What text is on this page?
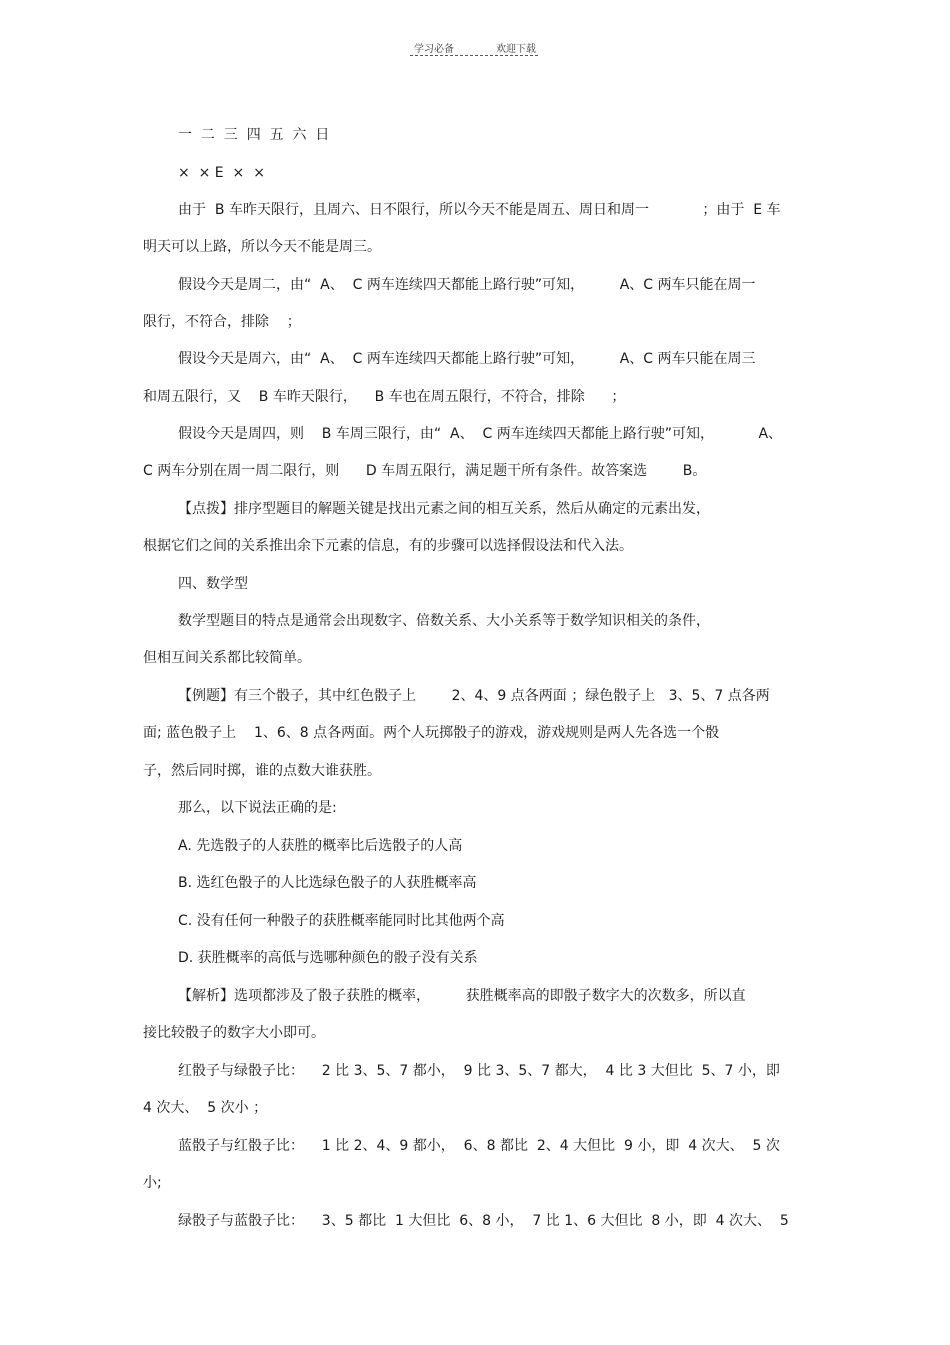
学习必备	欢迎下载
一  二  三  四  五  六  日
×  × E  ×  ×
由于  B 车昨天限行，且周六、日不限行，所以今天不能是周五、周日和周一            ；由于  E 车
明天可以上路，所以今天不能是周三。
假设今天是周二，由“  A、  C 两车连续四天都能上路行驶”可知，        A、C 两车只能在周一
限行，不符合，排除    ；
假设今天是周六，由“  A、  C 两车连续四天都能上路行驶”可知，        A、C 两车只能在周三
和周五限行，又    B 车昨天限行，    B 车也在周五限行，不符合，排除      ；
假设今天是周四，则    B 车周三限行，由“  A、  C 两车连续四天都能上路行驶”可知，          A、
C 两车分别在周一周二限行，则      D 车周五限行，满足题干所有条件。故答案选        B。
【点拨】排序型题目的解题关键是找出元素之间的相互关系，然后从确定的元素出发，
根据它们之间的关系推出余下元素的信息，有的步骤可以选择假设法和代入法。
四、数学型
数学型题目的特点是通常会出现数字、倍数关系、大小关系等于数学知识相关的条件，
但相互间关系都比较简单。
【例题】有三个骰子，其中红色骰子上        2、4、9 点各两面 ；绿色骰子上   3、5、7 点各两
面; 蓝色骰子上    1、6、8 点各两面。两个人玩掷骰子的游戏，游戏规则是两人先各选一个骰
子，然后同时掷，谁的点数大谁获胜。
那么，以下说法正确的是:
A. 先选骰子的人获胜的概率比后选骰子的人高
B. 选红色骰子的人比选绿色骰子的人获胜概率高
C. 没有任何一种骰子的获胜概率能同时比其他两个高
D. 获胜概率的高低与选哪种颜色的骰子没有关系
【解析】选项都涉及了骰子获胜的概率，        获胜概率高的即骰子数字大的次数多，所以直
接比较骰子的数字大小即可。
红骰子与绿骰子比：    2 比 3、5、7 都小，  9 比 3、5、7 都大，  4 比 3 大但比  5、7 小，即
4 次大、  5 次小 ；
蓝骰子与红骰子比：    1 比 2、4、9 都小，  6、8 都比  2、4 大但比  9 小，即  4 次大、  5 次
小;
绿骰子与蓝骰子比：    3、5 都比  1 大但比  6、8 小，  7 比 1、6 大但比  8 小，即  4 次大、  5
